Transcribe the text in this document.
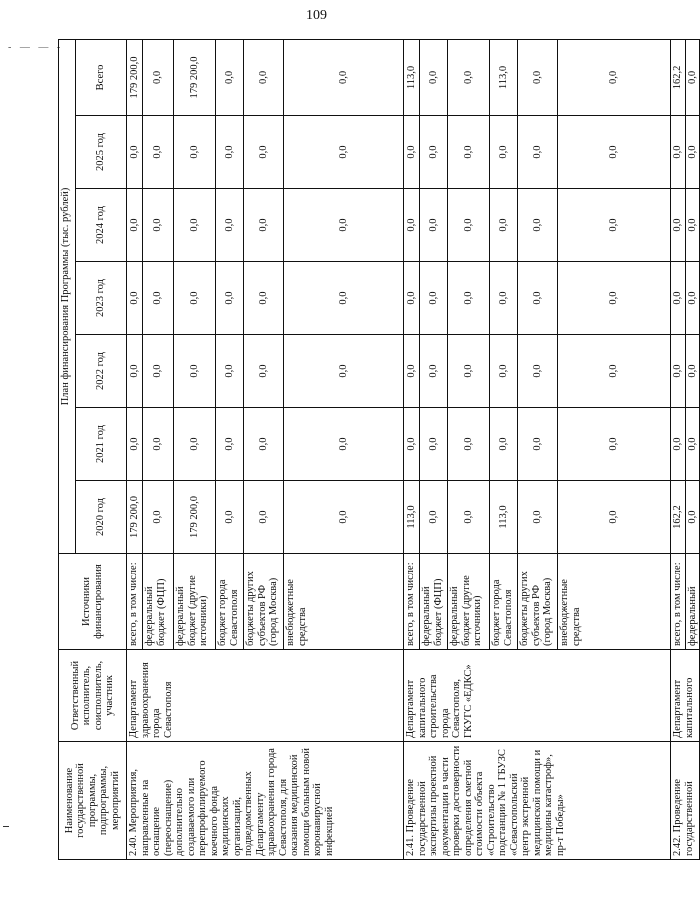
109
- — — -
Наименование государственной программы, подпрограммы, мероприятий	Ответственный исполнитель, соисполнитель, участник	Источники финансирования	План финансирования Программы (тыс. рублей)						
			2020 год	2021 год	2022 год	2023 год	2024 год	2025 год	Всего
2.40. Мероприятия, направленные на оснащение (переоснащение) дополнительно создаваемого или перепрофилируемого коечного фонда медицинских организаций, подведомственных Департаменту здравоохранения города Севастополя, для оказания медицинской помощи больным новой коронавирусной инфекцией	Департамент здравоохранения города Севастополя	всего, в том числе:	179 200,0	0,0	0,0	0,0	0,0	0,0	179 200,0
		федеральный бюджет (ФЦП)	0,0	0,0	0,0	0,0	0,0	0,0	0,0
		федеральный бюджет (другие источники)	179 200,0	0,0	0,0	0,0	0,0	0,0	179 200,0
		бюджет города Севастополя	0,0	0,0	0,0	0,0	0,0	0,0	0,0
		бюджеты других субъектов РФ (город Москва)	0,0	0,0	0,0	0,0	0,0	0,0	0,0
		внебюджетные средства	0,0	0,0	0,0	0,0	0,0	0,0	0,0
2.41. Проведение государственной экспертизы проектной документации в части проверки достоверности определения сметной стоимости объекта «Строительство подстанции № 1 ГБУЗС «Севастопольский центр экстренной медицинской помощи и медицины катастроф», пр-т Победы»	Департамент капитального строительства города Севастополя, ГКУГС «ЕДКС»	всего, в том числе:	113,0	0,0	0,0	0,0	0,0	0,0	113,0
		федеральный бюджет (ФЦП)	0,0	0,0	0,0	0,0	0,0	0,0	0,0
		федеральный бюджет (другие источники)	0,0	0,0	0,0	0,0	0,0	0,0	0,0
		бюджет города Севастополя	113,0	0,0	0,0	0,0	0,0	0,0	113,0
		бюджеты других субъектов РФ (город Москва)	0,0	0,0	0,0	0,0	0,0	0,0	0,0
		внебюджетные средства	0,0	0,0	0,0	0,0	0,0	0,0	0,0
2.42. Проведение государственной	Департамент капитального	всего, в том числе:	162,2	0,0	0,0	0,0	0,0	0,0	162,2
		федеральный	0,0	0,0	0,0	0,0	0,0	0,0	0,0
